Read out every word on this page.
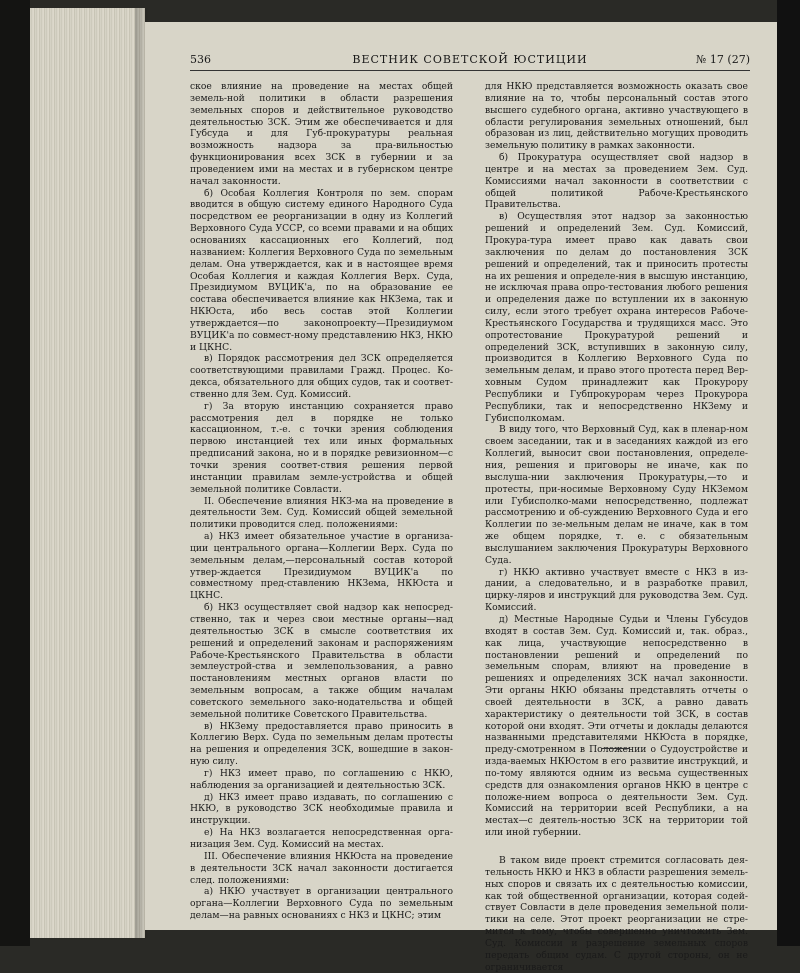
536	ВЕСТНИК СОВЕТСКОЙ ЮСТИЦИИ	№ 17 (27)

ское влияние на проведение на местах общей земель-ной политики в области разрешения земельных споров и действительное руководство деятельностью ЗСК. Этим же обеспечивается и для Губсуда и для Губ-прокуратуры реальная возможность надзора за пра-вильностью функционирования всех ЗСК в губернии и за проведением ими на местах и в губернском центре начал законности.

б) Особая Коллегия Контроля по зем. спорам вводится в общую систему единого Народного Суда посредством ее реорганизации в одну из Коллегий Верховного Суда УССР, со всеми правами и на общих основаниях кассационных его Коллегий, под названием: Коллегия Верховного Суда по земельным делам. Она утверждается, как и в настоящее время Особая Коллегия и каждая Коллегия Верх. Суда, Президиумом ВУЦИК'а, по на образование ее состава обеспечивается влияние как НКЗема, так и НКЮста, ибо весь состав этой Коллегии утверждается—по законопроекту—Президиумом ВУЦИК'а по совмест-ному представлению НКЗ, НКЮ и ЦКНС.

в) Порядок рассмотрения дел ЗСК определяется соответствующими правилами Гражд. Процес. Ко-декса, обязательного для общих судов, так и соответ-ственно для Зем. Суд. Комиссий.

г) За вторую инстанцию сохраняется право рассмотрения дел в порядке не только кассационном, т.-е. с точки зрения соблюдения первою инстанцией тех или иных формальных предписаний закона, но и в порядке ревизионном—с точки зрения соответ-ствия решения первой инстанции правилам земле-устройства и общей земельной политике Совласти.

II. Обеспечение влияния НКЗ-ма на проведение в деятельности Зем. Суд. Комиссий общей земельной политики проводится след. положениями:

а) НКЗ имеет обязательное участие в организа-ции центрального органа—Коллегии Верх. Суда по земельным делам,—персональный состав которой утвер-ждается Президиумом ВУЦИК'а по совместному пред-ставлению НКЗема, НКЮста и ЦКНС.

б) НКЗ осуществляет свой надзор как непосред-ственно, так и через свои местные органы—над деятельностью ЗСК в смысле соответствия их решений и определений законам и распоряжениям Рабоче-Крестьянского Правительства в области землеустрой-ства и землепользования, а равно постановлениям местных органов власти по земельным вопросам, а также общим началам советского земельного зако-нодательства и общей земельной политике Советского Правительства.

в) НКЗему предоставляется право приносить в Коллегию Верх. Суда по земельным делам протесты на решения и определения ЗСК, вошедшие в закон-ную силу.

г) НКЗ имеет право, по соглашению с НКЮ, наблюдения за организацией и деятельностью ЗСК.

д) НКЗ имеет право издавать, по соглашению с НКЮ, в руководство ЗСК необходимые правила и инструкции.

е) На НКЗ возлагается непосредственная орга-низация Зем. Суд. Комиссий на местах.

III. Обеспечение влияния НКЮста на проведение в деятельности ЗСК начал законности достигается след. положениями:

а) НКЮ участвует в организации центрального органа—Коллегии Верховного Суда по земельным делам—на равных основаниях с НКЗ и ЦКНС; этим

для НКЮ представляется возможность оказать свое влияние на то, чтобы персональный состав этого высшего судебного органа, активно участвующего в области регулирования земельных отношений, был образован из лиц, действительно могущих проводить земельную политику в рамках законности.

б) Прокуратура осуществляет свой надзор в центре и на местах за проведением Зем. Суд. Комиссиями начал законности в соответствии с общей политикой Рабоче-Крестьянского Правительства.

в) Осуществляя этот надзор за законностью решений и определений Зем. Суд. Комиссий, Прокура-тура имеет право как давать свои заключения по делам до постановления ЗСК решений и определений, так и приносить протесты на их решения и определе-ния в высшую инстанцию, не исключая права опро-тестования любого решения и определения даже по вступлении их в законную силу, если этого требует охрана интересов Рабоче-Крестьянского Государства и трудящихся масс. Это опротестование Прокуратурой решений и определений ЗСК, вступивших в законную силу, производится в Коллегию Верховного Суда по земельным делам, и право этого протеста перед Вер-ховным Судом принадлежит как Прокурору Республики и Губпрокурорам через Прокурора Республики, так и непосредственно НКЗему и Губисполкомам.

В виду того, что Верховный Суд, как в пленар-ном своем заседании, так и в заседаниях каждой из его Коллегий, выносит свои постановления, определе-ния, решения и приговоры не иначе, как по выслуша-нии заключения Прокуратуры,—то и протесты, при-носимые Верховному Суду НКЗемом или Губисполко-мами непосредственно, подлежат рассмотрению и об-суждению Верховного Суда и его Коллегии по зе-мельным делам не иначе, как в том же общем порядке, т. е. с обязательным выслушанием заключения Прокуратуры Верховного Суда.

г) НКЮ активно участвует вместе с НКЗ в из-дании, а следовательно, и в разработке правил, цирку-ляров и инструкций для руководства Зем. Суд. Комиссий.

д) Местные Народные Судьи и Члены Губсудов входят в состав Зем. Суд. Комиссий и, так. образ., как лица, участвующие непосредственно в постановлении решений и определений по земельным спорам, влияют на проведение в решениях и определениях ЗСК начал законности. Эти органы НКЮ обязаны представлять отчеты о своей деятельности в ЗСК, а равно давать характеристику о деятельности той ЗСК, в состав которой они входят. Эти отчеты и доклады делаются названными представителями НКЮста в порядке, преду-смотренном в Положении о Судоустройстве и изда-ваемых НКЮстом в его развитие инструкций, и по-тому являются одним из весьма существенных средств для ознакомления органов НКЮ в центре с положе-нием вопроса о деятельности Зем. Суд. Комиссий на территории всей Республики, а на местах—с деятель-ностью ЗСК на территории той или иной губернии.

В таком виде проект стремится согласовать дея-тельность НКЮ и НКЗ в области разрешения земель-ных споров и связать их с деятельностью комиссии, как той общественной организации, которая содей-ствует Совласти в деле проведения земельной поли-тики на селе. Этот проект реорганизации не стре-мится к тому, чтобы совершенно уничтожить Зем. Суд. Комиссии и разрешение земельных споров передать общим судам. С другой стороны, он не ограничивается
